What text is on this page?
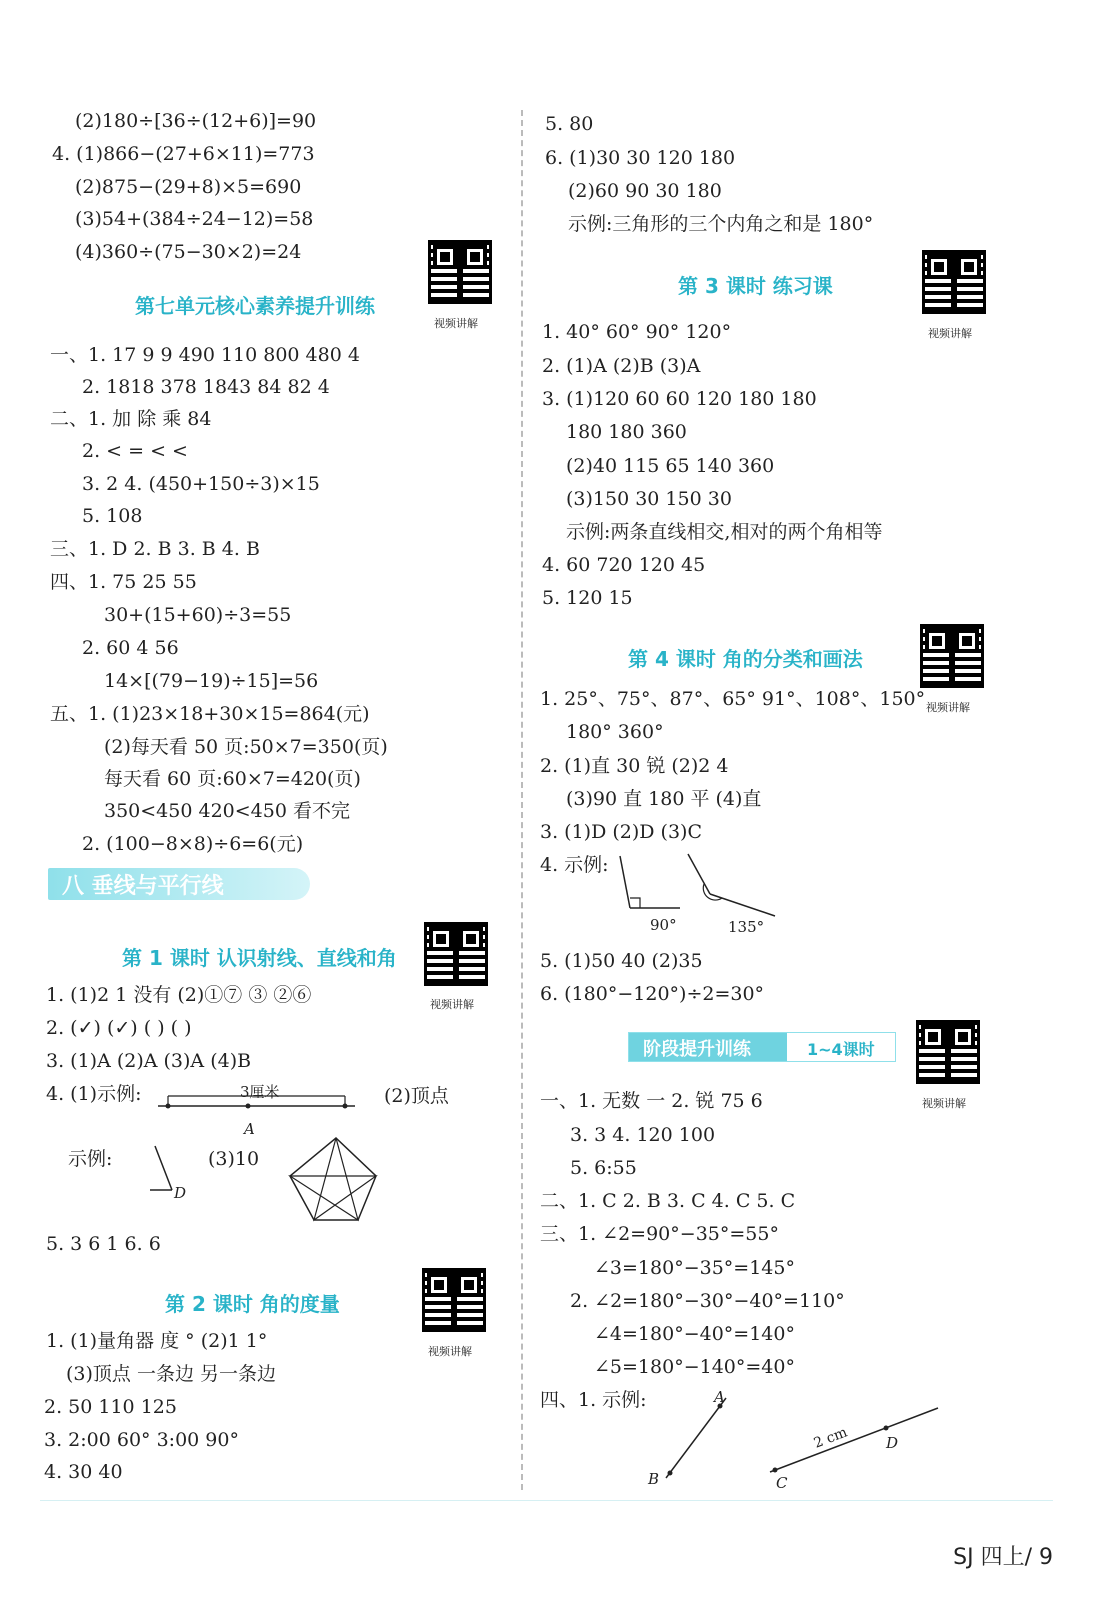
(2)180÷[36÷(12+6)]=90
4. (1)866−(27+6×11)=773
(2)875−(29+8)×5=690
(3)54+(384÷24−12)=58
(4)360÷(75−30×2)=24
视频讲解
第七单元核心素养提升训练
一、1. 17 9 9 490 110 800 480 4
2. 1818 378 1843 84 82 4
二、1. 加 除 乘 84
2. < = < <
3. 2 4. (450+150÷3)×15
5. 108
三、1. D 2. B 3. B 4. B
四、1. 75 25 55
30+(15+60)÷3=55
2. 60 4 56
14×[(79−19)÷15]=56
五、1. (1)23×18+30×15=864(元)
(2)每天看 50 页:50×7=350(页)
每天看 60 页:60×7=420(页)
350<450 420<450 看不完
2. (100−8×8)÷6=6(元)
八 垂线与平行线
视频讲解
第 1 课时 认识射线、直线和角
1. (1)2 1 没有 (2)①⑦ ③ ②⑥
2. (✓) (✓) ( ) ( )
3. (1)A (2)A (3)A (4)B
4. (1)示例:	(2)顶点
示例:	(3)10
5. 3 6 1 6. 6
3厘米
A
D
视频讲解
第 2 课时 角的度量
1. (1)量角器 度 ° (2)1 1°
(3)顶点 一条边 另一条边
2. 50 110 125
3. 2:00 60° 3:00 90°
4. 30 40
5. 80
6. (1)30 30 120 180
(2)60 90 30 180
示例:三角形的三个内角之和是 180°
视频讲解
第 3 课时 练习课
1. 40° 60° 90° 120°
2. (1)A (2)B (3)A
3. (1)120 60 60 120 180 180
180 180 360
(2)40 115 65 140 360
(3)150 30 150 30
示例:两条直线相交,相对的两个角相等
4. 60 720 120 45
5. 120 15
视频讲解
第 4 课时 角的分类和画法
1. 25°、75°、87°、65° 91°、108°、150°
180° 360°
2. (1)直 30 锐 (2)2 4
(3)90 直 180 平 (4)直
3. (1)D (2)D (3)C
4. 示例:
5. (1)50 40 (2)35
6. (180°−120°)÷2=30°
90°	135°
视频讲解
阶段提升训练	1~4课时
一、1. 无数 一 2. 锐 75 6
3. 3 4. 120 100
5. 6:55
二、1. C 2. B 3. C 4. C 5. C
三、1. ∠2=90°−35°=55°
∠3=180°−35°=145°
2. ∠2=180°−30°−40°=110°
∠4=180°−40°=140°
∠5=180°−140°=40°
四、1. 示例:	A
B	C
D
2 cm
SJ 四上/ 9
